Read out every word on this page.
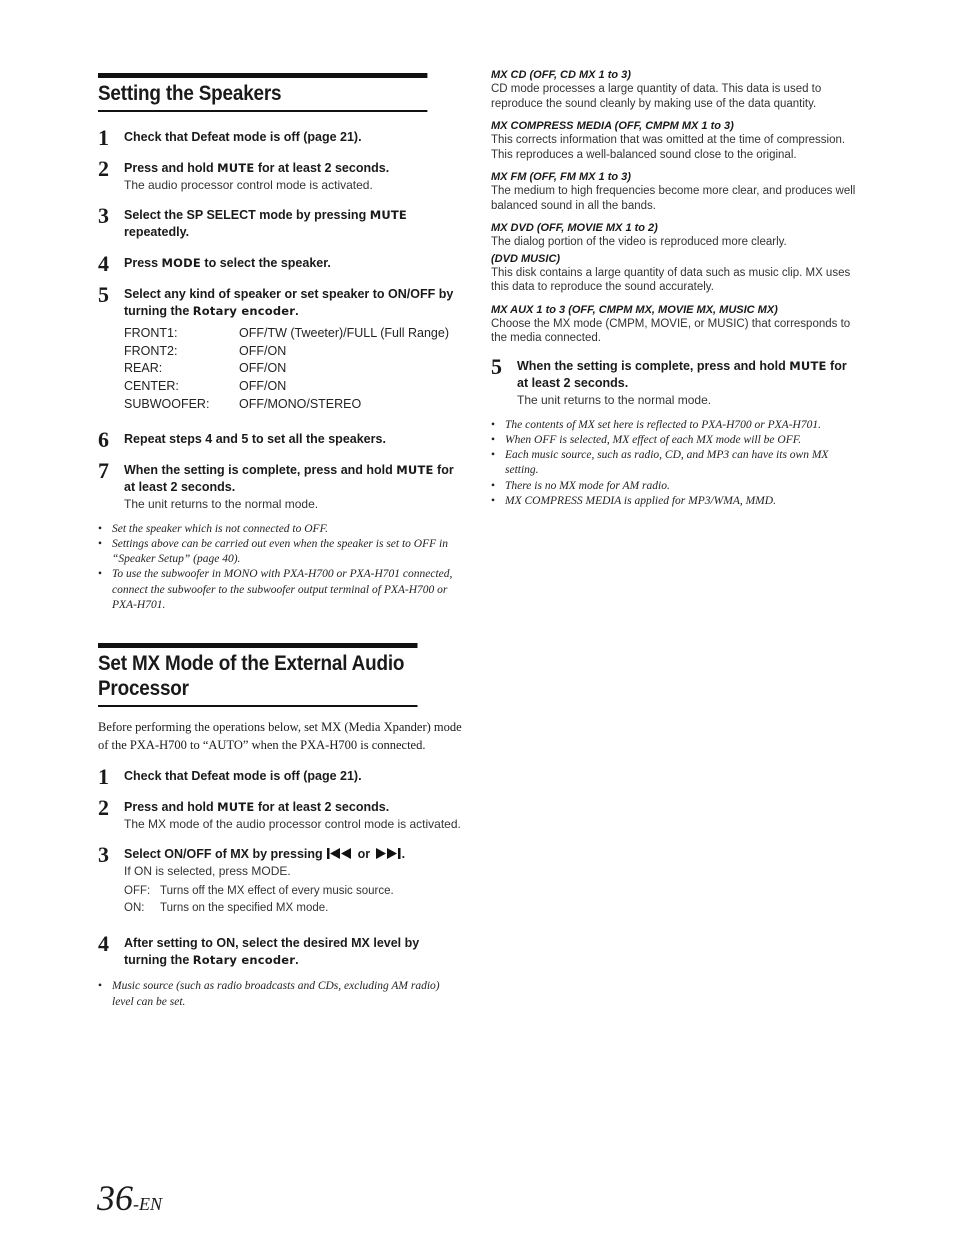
Setting the Speakers
1 Check that Defeat mode is off (page 21).
2 Press and hold MUTE for at least 2 seconds.
The audio processor control mode is activated.
3 Select the SP SELECT mode by pressing MUTE repeatedly.
4 Press MODE to select the speaker.
5 Select any kind of speaker or set speaker to ON/OFF by turning the Rotary encoder.
FRONT1:	OFF/TW (Tweeter)/FULL (Full Range)
FRONT2:	OFF/ON
REAR:	OFF/ON
CENTER:	OFF/ON
SUBWOOFER:	OFF/MONO/STEREO
6 Repeat steps 4 and 5 to set all the speakers.
7 When the setting is complete, press and hold MUTE for at least 2 seconds.
The unit returns to the normal mode.
• Set the speaker which is not connected to OFF.
• Settings above can be carried out even when the speaker is set to OFF in “Speaker Setup” (page 40).
• To use the subwoofer in MONO with PXA-H700 or PXA-H701 connected, connect the subwoofer to the subwoofer output terminal of PXA-H700 or PXA-H701.
Set MX Mode of the External Audio Processor
Before performing the operations below, set MX (Media Xpander) mode of the PXA-H700 to “AUTO” when the PXA-H700 is connected.
1 Check that Defeat mode is off (page 21).
2 Press and hold MUTE for at least 2 seconds.
The MX mode of the audio processor control mode is activated.
3 Select ON/OFF of MX by pressing  or .
If ON is selected, press MODE.
OFF:	Turns off the MX effect of every music source.
ON:	Turns on the specified MX mode.
4 After setting to ON, select the desired MX level by turning the Rotary encoder.
• Music source (such as radio broadcasts and CDs, excluding AM radio) level can be set.
MX CD (OFF, CD MX 1 to 3)
CD mode processes a large quantity of data. This data is used to reproduce the sound cleanly by making use of the data quantity.
MX COMPRESS MEDIA (OFF, CMPM MX 1 to 3)
This corrects information that was omitted at the time of compression. This reproduces a well-balanced sound close to the original.
MX FM (OFF, FM MX 1 to 3)
The medium to high frequencies become more clear, and produces well balanced sound in all the bands.
MX DVD (OFF, MOVIE MX 1 to 2)
The dialog portion of the video is reproduced more clearly.
(DVD MUSIC)
This disk contains a large quantity of data such as music clip. MX uses this data to reproduce the sound accurately.
MX AUX 1 to 3 (OFF, CMPM MX, MOVIE MX, MUSIC MX)
Choose the MX mode (CMPM, MOVIE, or MUSIC) that corresponds to the media connected.
5 When the setting is complete, press and hold MUTE for at least 2 seconds.
The unit returns to the normal mode.
• The contents of MX set here is reflected to PXA-H700 or PXA-H701.
• When OFF is selected, MX effect of each MX mode will be OFF.
• Each music source, such as radio, CD, and MP3 can have its own MX setting.
• There is no MX mode for AM radio.
• MX COMPRESS MEDIA is applied for MP3/WMA, MMD.
36-EN
